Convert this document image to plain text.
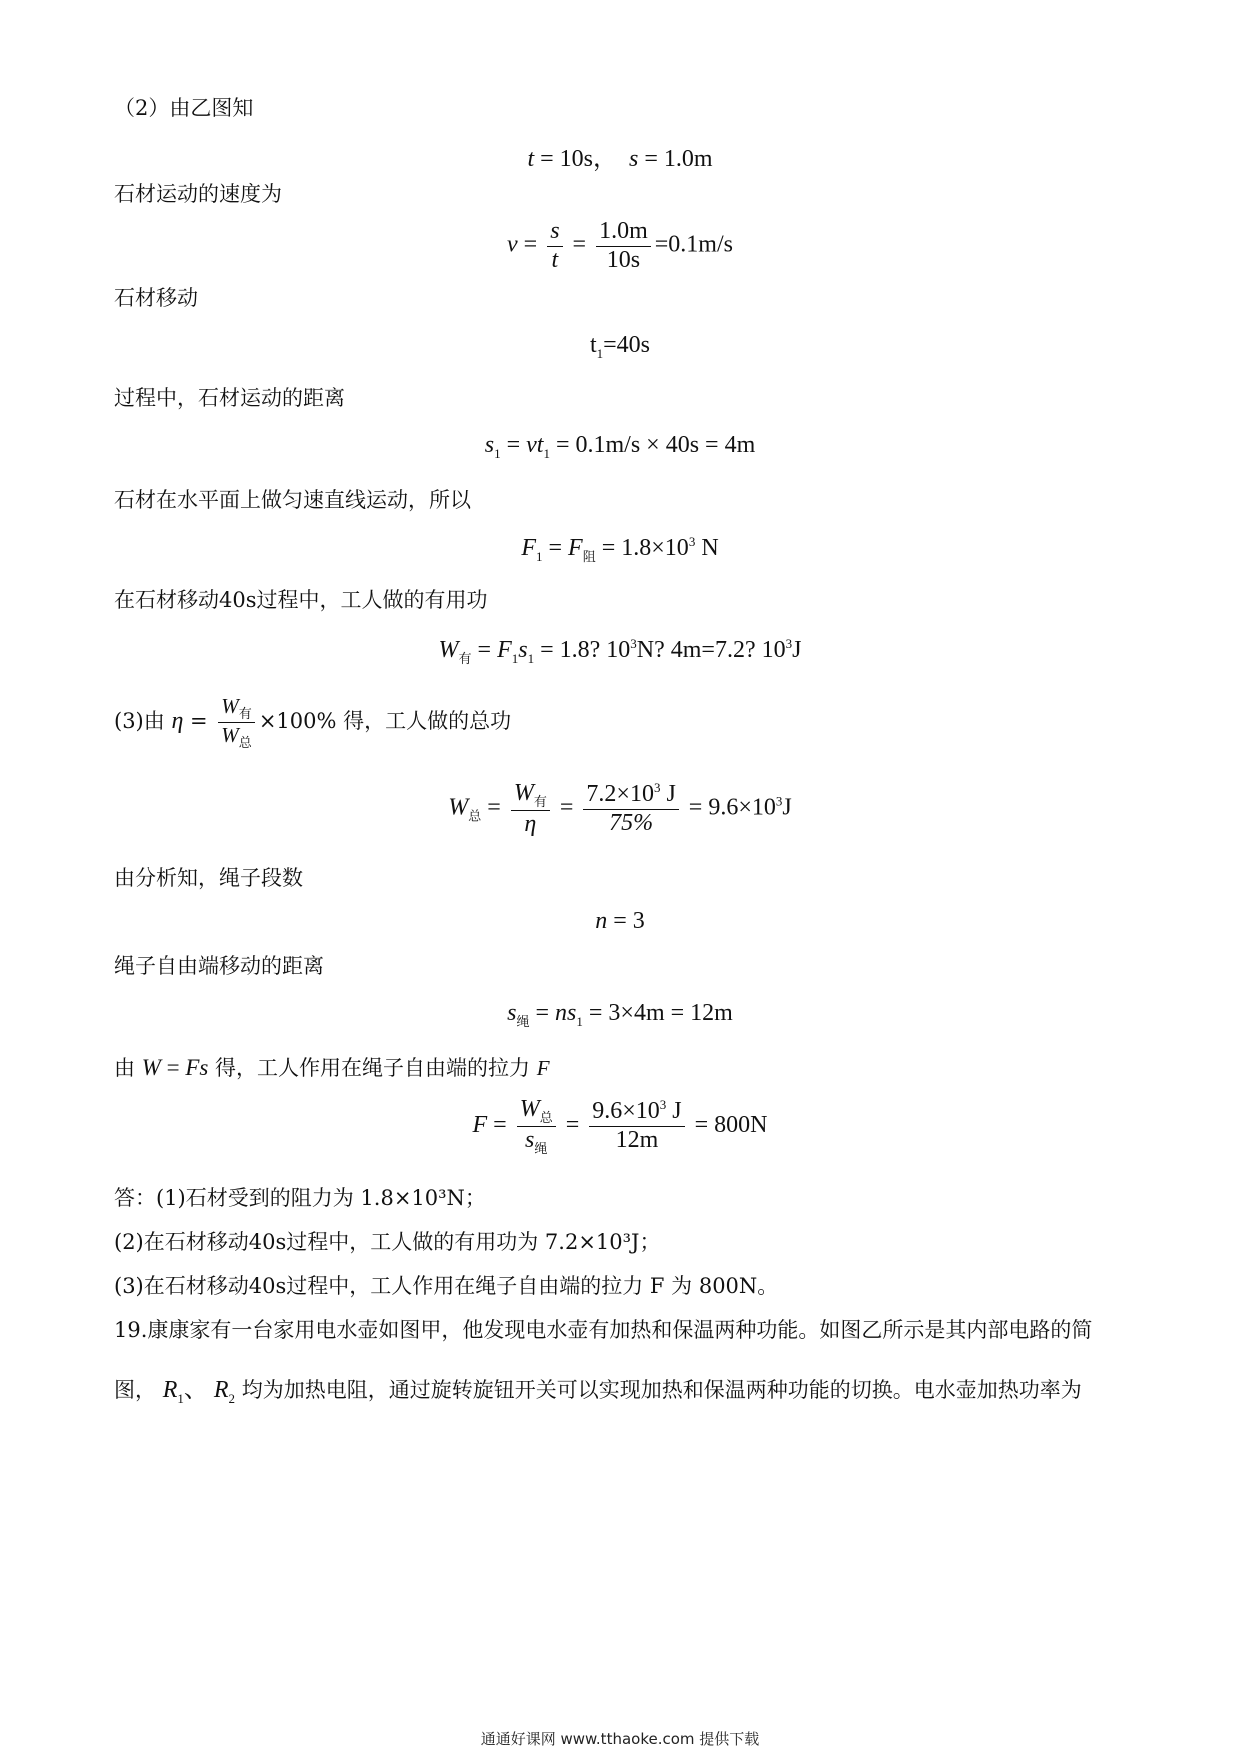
（2）由乙图知
t = 10s，  s = 1.0m
石材运动的速度为
$v = \frac{s}{t} = \frac{1.0m}{10s} =0.1m/s$
石材移动
$t_1=40s$
过程中，石材运动的距离
$s_1 = vt_1 = 0.1m/s \times 40s = 4m$
石材在水平面上做匀速直线运动，所以
$F_1 = F_阻 = 1.8\times 10^3$ N
在石材移动40s过程中，工人做的有用功
$W_有 = F_1s_1 = 1.8$? $10^3N$? 4m=7.2? $10^3J$
(3)由 $\eta = \frac{W_有}{W_总} \times 100\%$ 得，工人做的总功
$W_总 = \frac{W_有}{\eta} = \frac{7.2\times 10^3 J}{75\%} = 9.6\times 10^3J$
由分析知，绳子段数
n = 3
绳子自由端移动的距离
$s_绳 = ns_1 = 3\times 4m = 12m$
由 W = Fs 得，工人作用在绳子自由端的拉力 F
$F = \frac{W_总}{s_绳} = \frac{9.6\times 10^3 J}{12m} = 800N$
答：(1)石材受到的阻力为 1.8×10³N；
(2)在石材移动40s过程中，工人做的有用功为 7.2×10³J；
(3)在石材移动40s过程中，工人作用在绳子自由端的拉力 F 为 800N。
19.康康家有一台家用电水壶如图甲，他发现电水壶有加热和保温两种功能。如图乙所示是其内部电路的简
图， $R_1$、 $R_2$ 均为加热电阻，通过旋转旋钮开关可以实现加热和保温两种功能的切换。电水壶加热功率为
通通好课网 www.tthaoke.com 提供下载
